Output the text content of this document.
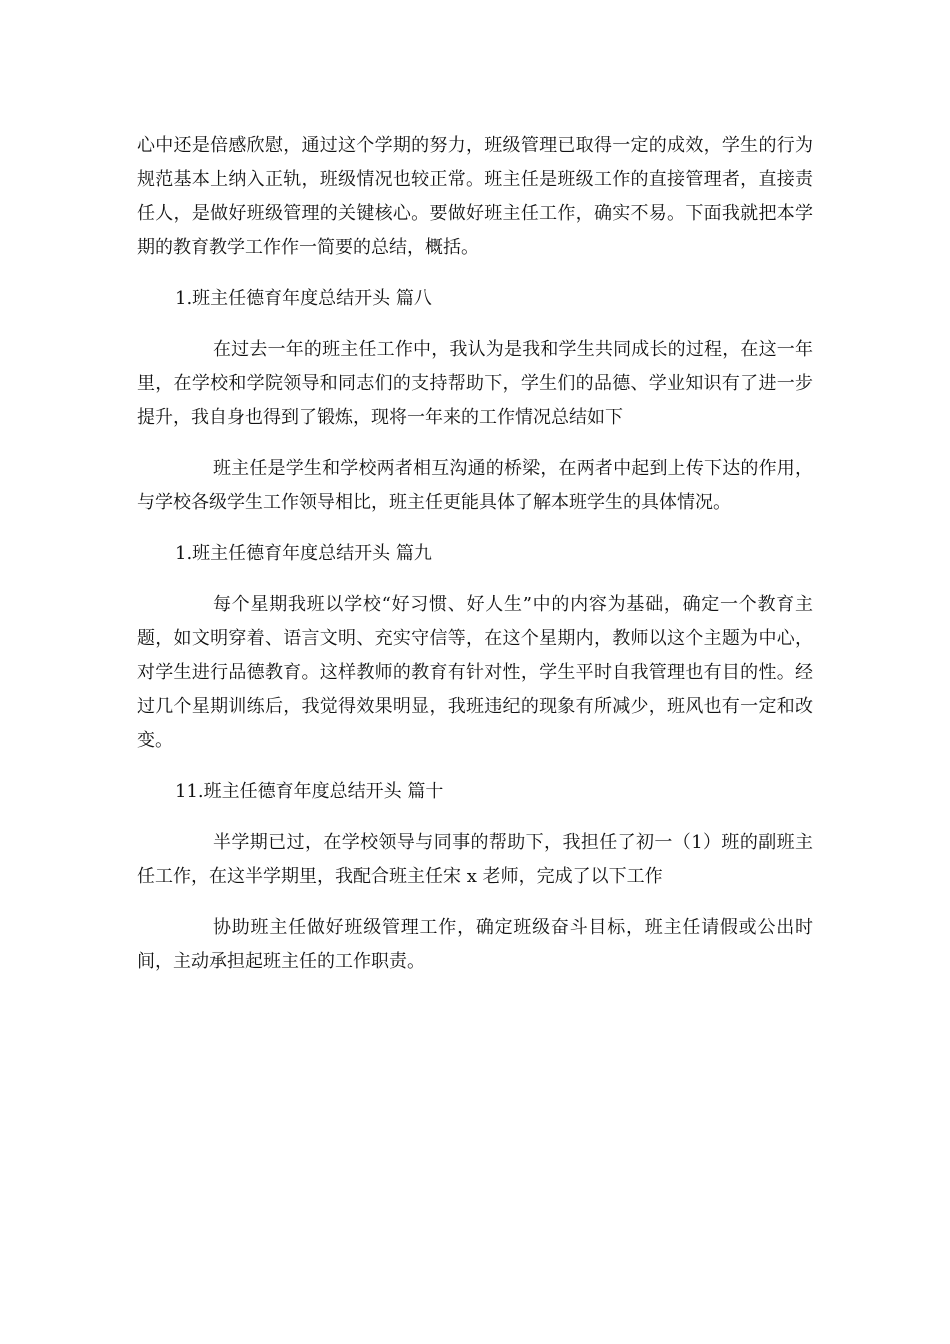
心中还是倍感欣慰，通过这个学期的努力，班级管理已取得一定的成效，学生的行为规范基本上纳入正轨，班级情况也较正常。班主任是班级工作的直接管理者，直接责任人，是做好班级管理的关键核心。要做好班主任工作，确实不易。下面我就把本学期的教育教学工作作一简要的总结，概括。

1.班主任德育年度总结开头 篇八

在过去一年的班主任工作中，我认为是我和学生共同成长的过程，在这一年里，在学校和学院领导和同志们的支持帮助下，学生们的品德、学业知识有了进一步提升，我自身也得到了锻炼，现将一年来的工作情况总结如下

班主任是学生和学校两者相互沟通的桥梁，在两者中起到上传下达的作用，与学校各级学生工作领导相比，班主任更能具体了解本班学生的具体情况。

1.班主任德育年度总结开头 篇九

每个星期我班以学校“好习惯、好人生”中的内容为基础，确定一个教育主题，如文明穿着、语言文明、充实守信等，在这个星期内，教师以这个主题为中心，对学生进行品德教育。这样教师的教育有针对性，学生平时自我管理也有目的性。经过几个星期训练后，我觉得效果明显，我班违纪的现象有所减少，班风也有一定和改变。

11.班主任德育年度总结开头 篇十

半学期已过，在学校领导与同事的帮助下，我担任了初一（1）班的副班主任工作，在这半学期里，我配合班主任宋 x 老师，完成了以下工作

协助班主任做好班级管理工作，确定班级奋斗目标，班主任请假或公出时间，主动承担起班主任的工作职责。
